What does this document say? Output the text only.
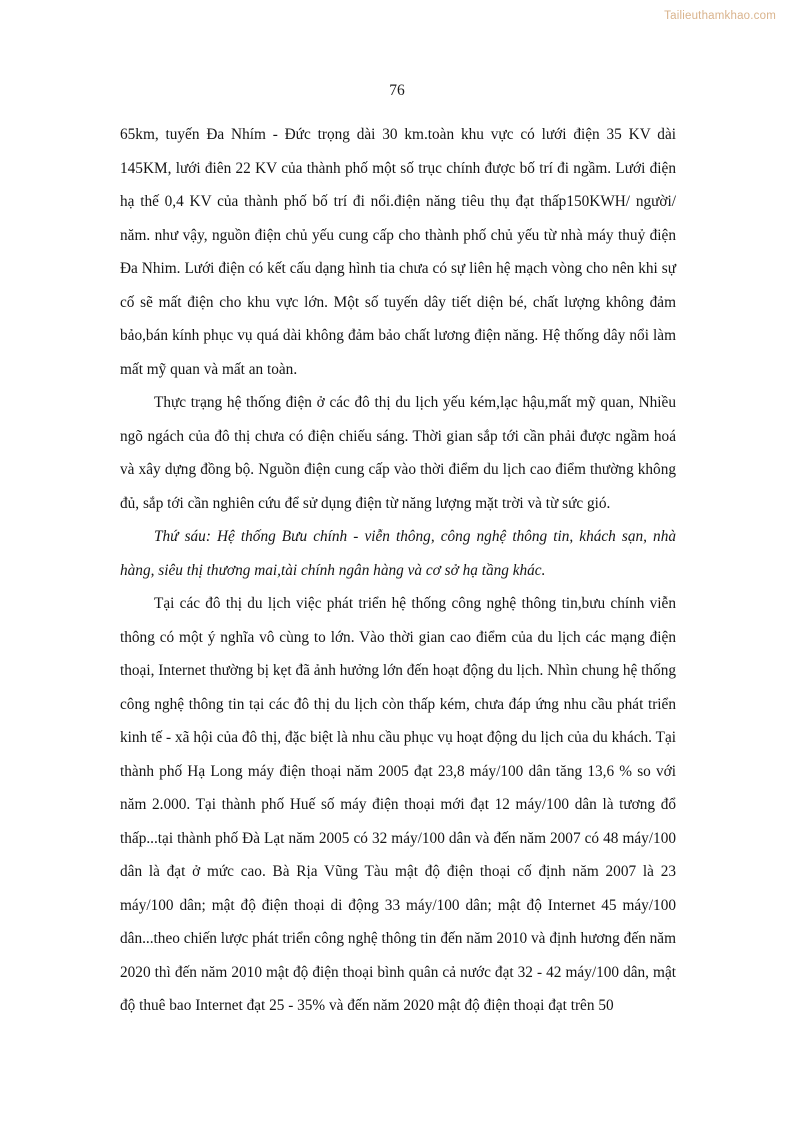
Tailieuthamkhao.com
76

65km, tuyến Đa Nhím - Đức trọng dài 30 km.toàn khu vực có lưới điện 35 KV dài 145KM, lưới điên 22 KV của thành phố một số trục chính được bố trí đi ngầm. Lưới điện hạ thế 0,4 KV của thành phố bố trí đi nổi.điện năng tiêu thụ đạt thấp150KWH/ người/ năm. như vậy, nguồn điện chủ yếu cung cấp cho thành phố chủ yếu từ nhà máy thuỷ điện Đa Nhim. Lưới điện có kết cấu dạng hình tia chưa có sự liên hệ mạch vòng cho nên khi sự cố sẽ mất điện cho khu vực lớn. Một số tuyến dây tiết diện bé, chất lượng không đảm bảo,bán kính phục vụ quá dài không đảm bảo chất lương điện năng. Hệ thống dây nổi làm mất mỹ quan và mất an toàn.

Thực trạng hệ thống điện ở các đô thị du lịch yếu kém,lạc hậu,mất mỹ quan, Nhiều ngõ ngách của đô thị chưa có điện chiếu sáng. Thời gian sắp tới cần phải được ngầm hoá và xây dựng đồng bộ. Nguồn điện cung cấp vào thời điểm du lịch cao điểm thường không đủ, sắp tới cần nghiên cứu để sử dụng điện từ năng lượng mặt trời và từ sức gió.

Thứ sáu: Hệ thống Bưu chính - viễn thông, công nghệ thông tin, khách sạn, nhà hàng, siêu thị thương mai,tài chính ngân hàng và cơ sở hạ tầng khác.

Tại các đô thị du lịch việc phát triển hệ thống công nghệ thông tin,bưu chính viễn thông có một ý nghĩa vô cùng to lớn. Vào thời gian cao điểm của du lịch các mạng điện thoại, Internet thường bị kẹt đã ảnh hưởng lớn đến hoạt động du lịch. Nhìn chung hệ thống công nghệ thông tin tại các đô thị du lịch còn thấp kém, chưa đáp ứng nhu cầu phát triển kinh tế - xã hội của đô thị, đặc biệt là nhu cầu phục vụ hoạt động du lịch của du khách. Tại thành phố Hạ Long máy điện thoại năm 2005 đạt 23,8 máy/100 dân tăng 13,6 % so với năm 2.000. Tại thành phố Huế số máy điện thoại mới đạt 12 máy/100 dân là tương đổ thấp...tại thành phố Đà Lạt năm 2005 có 32 máy/100 dân và đến năm 2007 có 48 máy/100 dân là đạt ở mức cao. Bà Rịa Vũng Tàu mật độ điện thoại cố định năm 2007 là 23 máy/100 dân; mật độ điện thoại di động 33 máy/100 dân; mật độ Internet 45 máy/100 dân...theo chiến lược phát triển công nghệ thông tin đến năm 2010 và định hương đến năm 2020 thì đến năm 2010 mật độ điện thoại bình quân cả nước đạt 32 - 42 máy/100 dân, mật độ thuê bao Internet đạt 25 - 35% và đến năm 2020 mật độ điện thoại đạt trên 50
